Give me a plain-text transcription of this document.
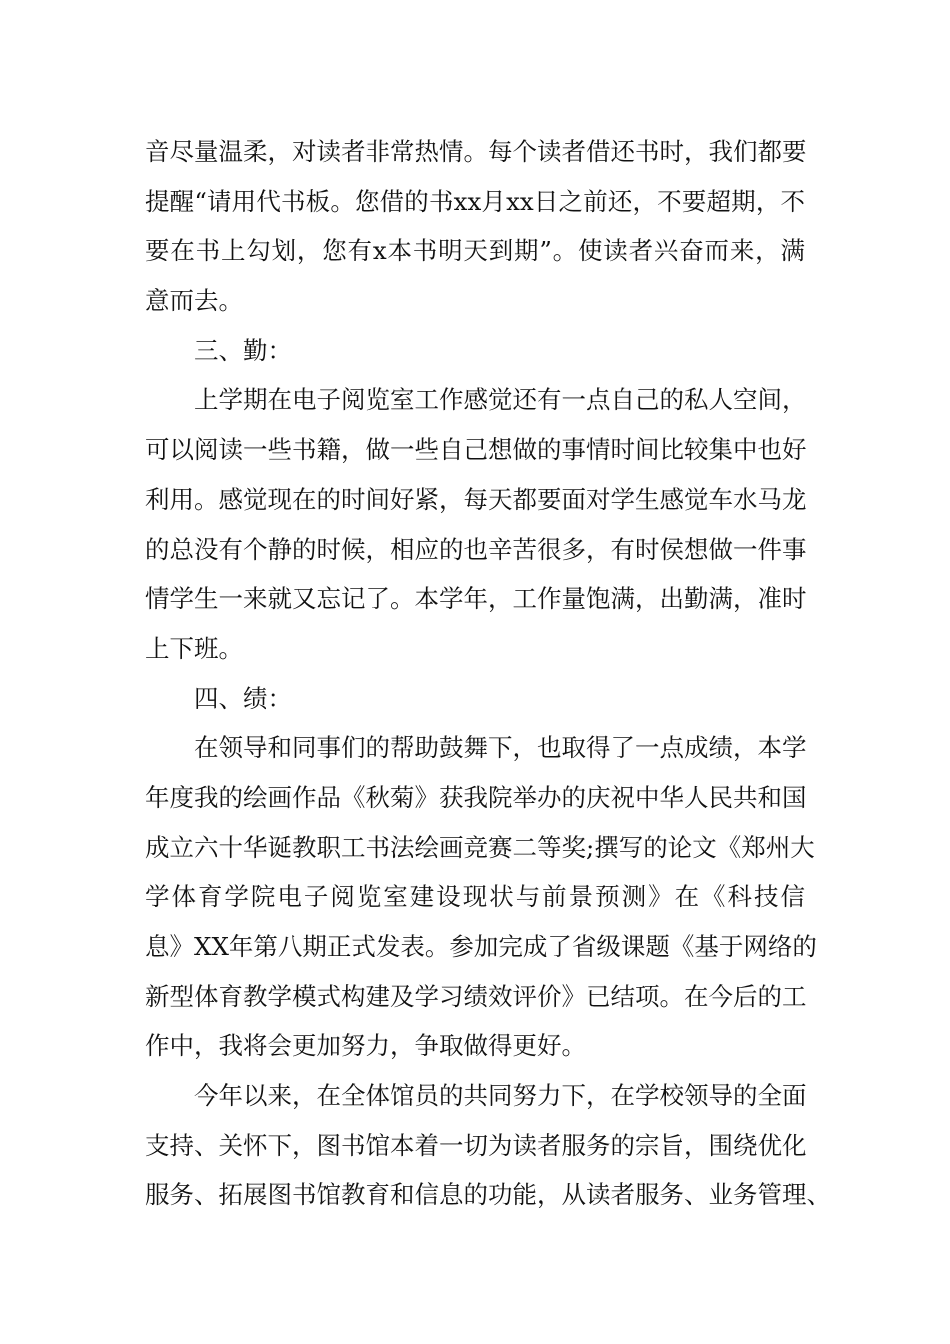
音尽量温柔，对读者非常热情。每个读者借还书时，我们都要
提醒“请用代书板。您借的书xx月xx日之前还，不要超期，不
要在书上勾划，您有x本书明天到期”。使读者兴奋而来，满
意而去。
三、勤：
上学期在电子阅览室工作感觉还有一点自己的私人空间，
可以阅读一些书籍，做一些自己想做的事情时间比较集中也好
利用。感觉现在的时间好紧，每天都要面对学生感觉车水马龙
的总没有个静的时候，相应的也辛苦很多，有时侯想做一件事
情学生一来就又忘记了。本学年，工作量饱满，出勤满，准时
上下班。
四、绩：
在领导和同事们的帮助鼓舞下，也取得了一点成绩，本学
年度我的绘画作品《秋菊》获我院举办的庆祝中华人民共和国
成立六十华诞教职工书法绘画竞赛二等奖;撰写的论文《郑州大
学体育学院电子阅览室建设现状与前景预测》在《科技信
息》XX年第八期正式发表。参加完成了省级课题《基于网络的
新型体育教学模式构建及学习绩效评价》已结项。在今后的工
作中，我将会更加努力，争取做得更好。
今年以来，在全体馆员的共同努力下，在学校领导的全面
支持、关怀下，图书馆本着一切为读者服务的宗旨，围绕优化
服务、拓展图书馆教育和信息的功能，从读者服务、业务管理、
